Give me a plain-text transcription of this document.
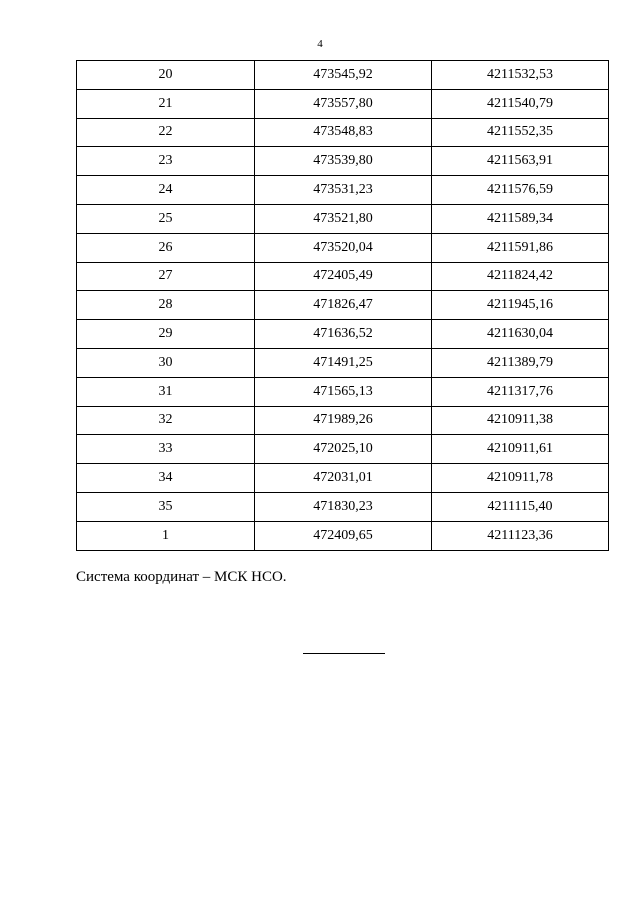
4
20	473545,92	4211532,53
21	473557,80	4211540,79
22	473548,83	4211552,35
23	473539,80	4211563,91
24	473531,23	4211576,59
25	473521,80	4211589,34
26	473520,04	4211591,86
27	472405,49	4211824,42
28	471826,47	4211945,16
29	471636,52	4211630,04
30	471491,25	4211389,79
31	471565,13	4211317,76
32	471989,26	4210911,38
33	472025,10	4210911,61
34	472031,01	4210911,78
35	471830,23	4211115,40
1	472409,65	4211123,36
Система координат – МСК НСО.
